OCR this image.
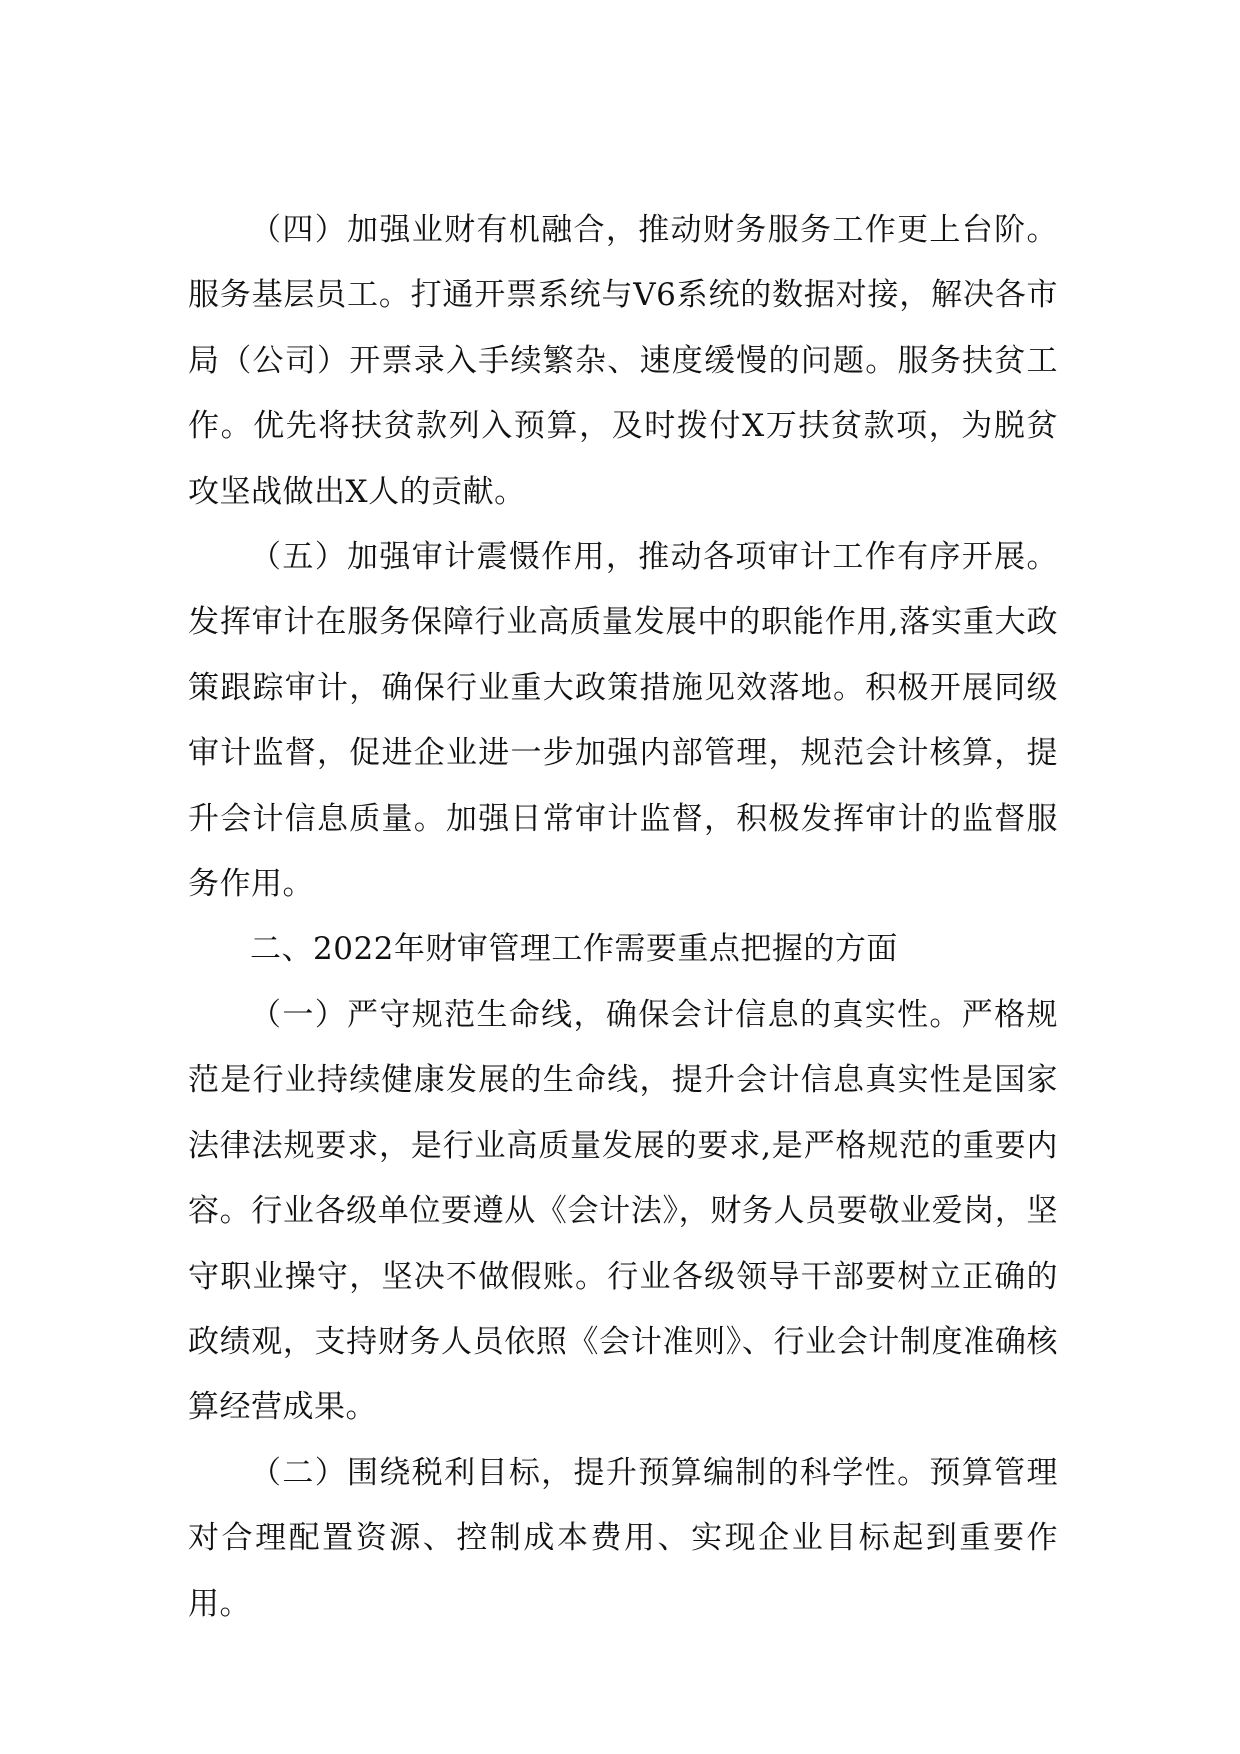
（四）加强业财有机融合，推动财务服务工作更上台阶。服务基层员工。打通开票系统与V6系统的数据对接，解决各市局（公司）开票录入手续繁杂、速度缓慢的问题。服务扶贫工作。优先将扶贫款列入预算，及时拨付X万扶贫款项，为脱贫攻坚战做出X人的贡献。

（五）加强审计震慑作用，推动各项审计工作有序开展。发挥审计在服务保障行业高质量发展中的职能作用,落实重大政策跟踪审计，确保行业重大政策措施见效落地。积极开展同级审计监督，促进企业进一步加强内部管理，规范会计核算，提升会计信息质量。加强日常审计监督，积极发挥审计的监督服务作用。

二、2022年财审管理工作需要重点把握的方面

（一）严守规范生命线，确保会计信息的真实性。严格规范是行业持续健康发展的生命线，提升会计信息真实性是国家法律法规要求，是行业高质量发展的要求,是严格规范的重要内容。行业各级单位要遵从《会计法》，财务人员要敬业爱岗，坚守职业操守，坚决不做假账。行业各级领导干部要树立正确的政绩观，支持财务人员依照《会计准则》、行业会计制度准确核算经营成果。

（二）围绕税利目标，提升预算编制的科学性。预算管理对合理配置资源、控制成本费用、实现企业目标起到重要作用。
